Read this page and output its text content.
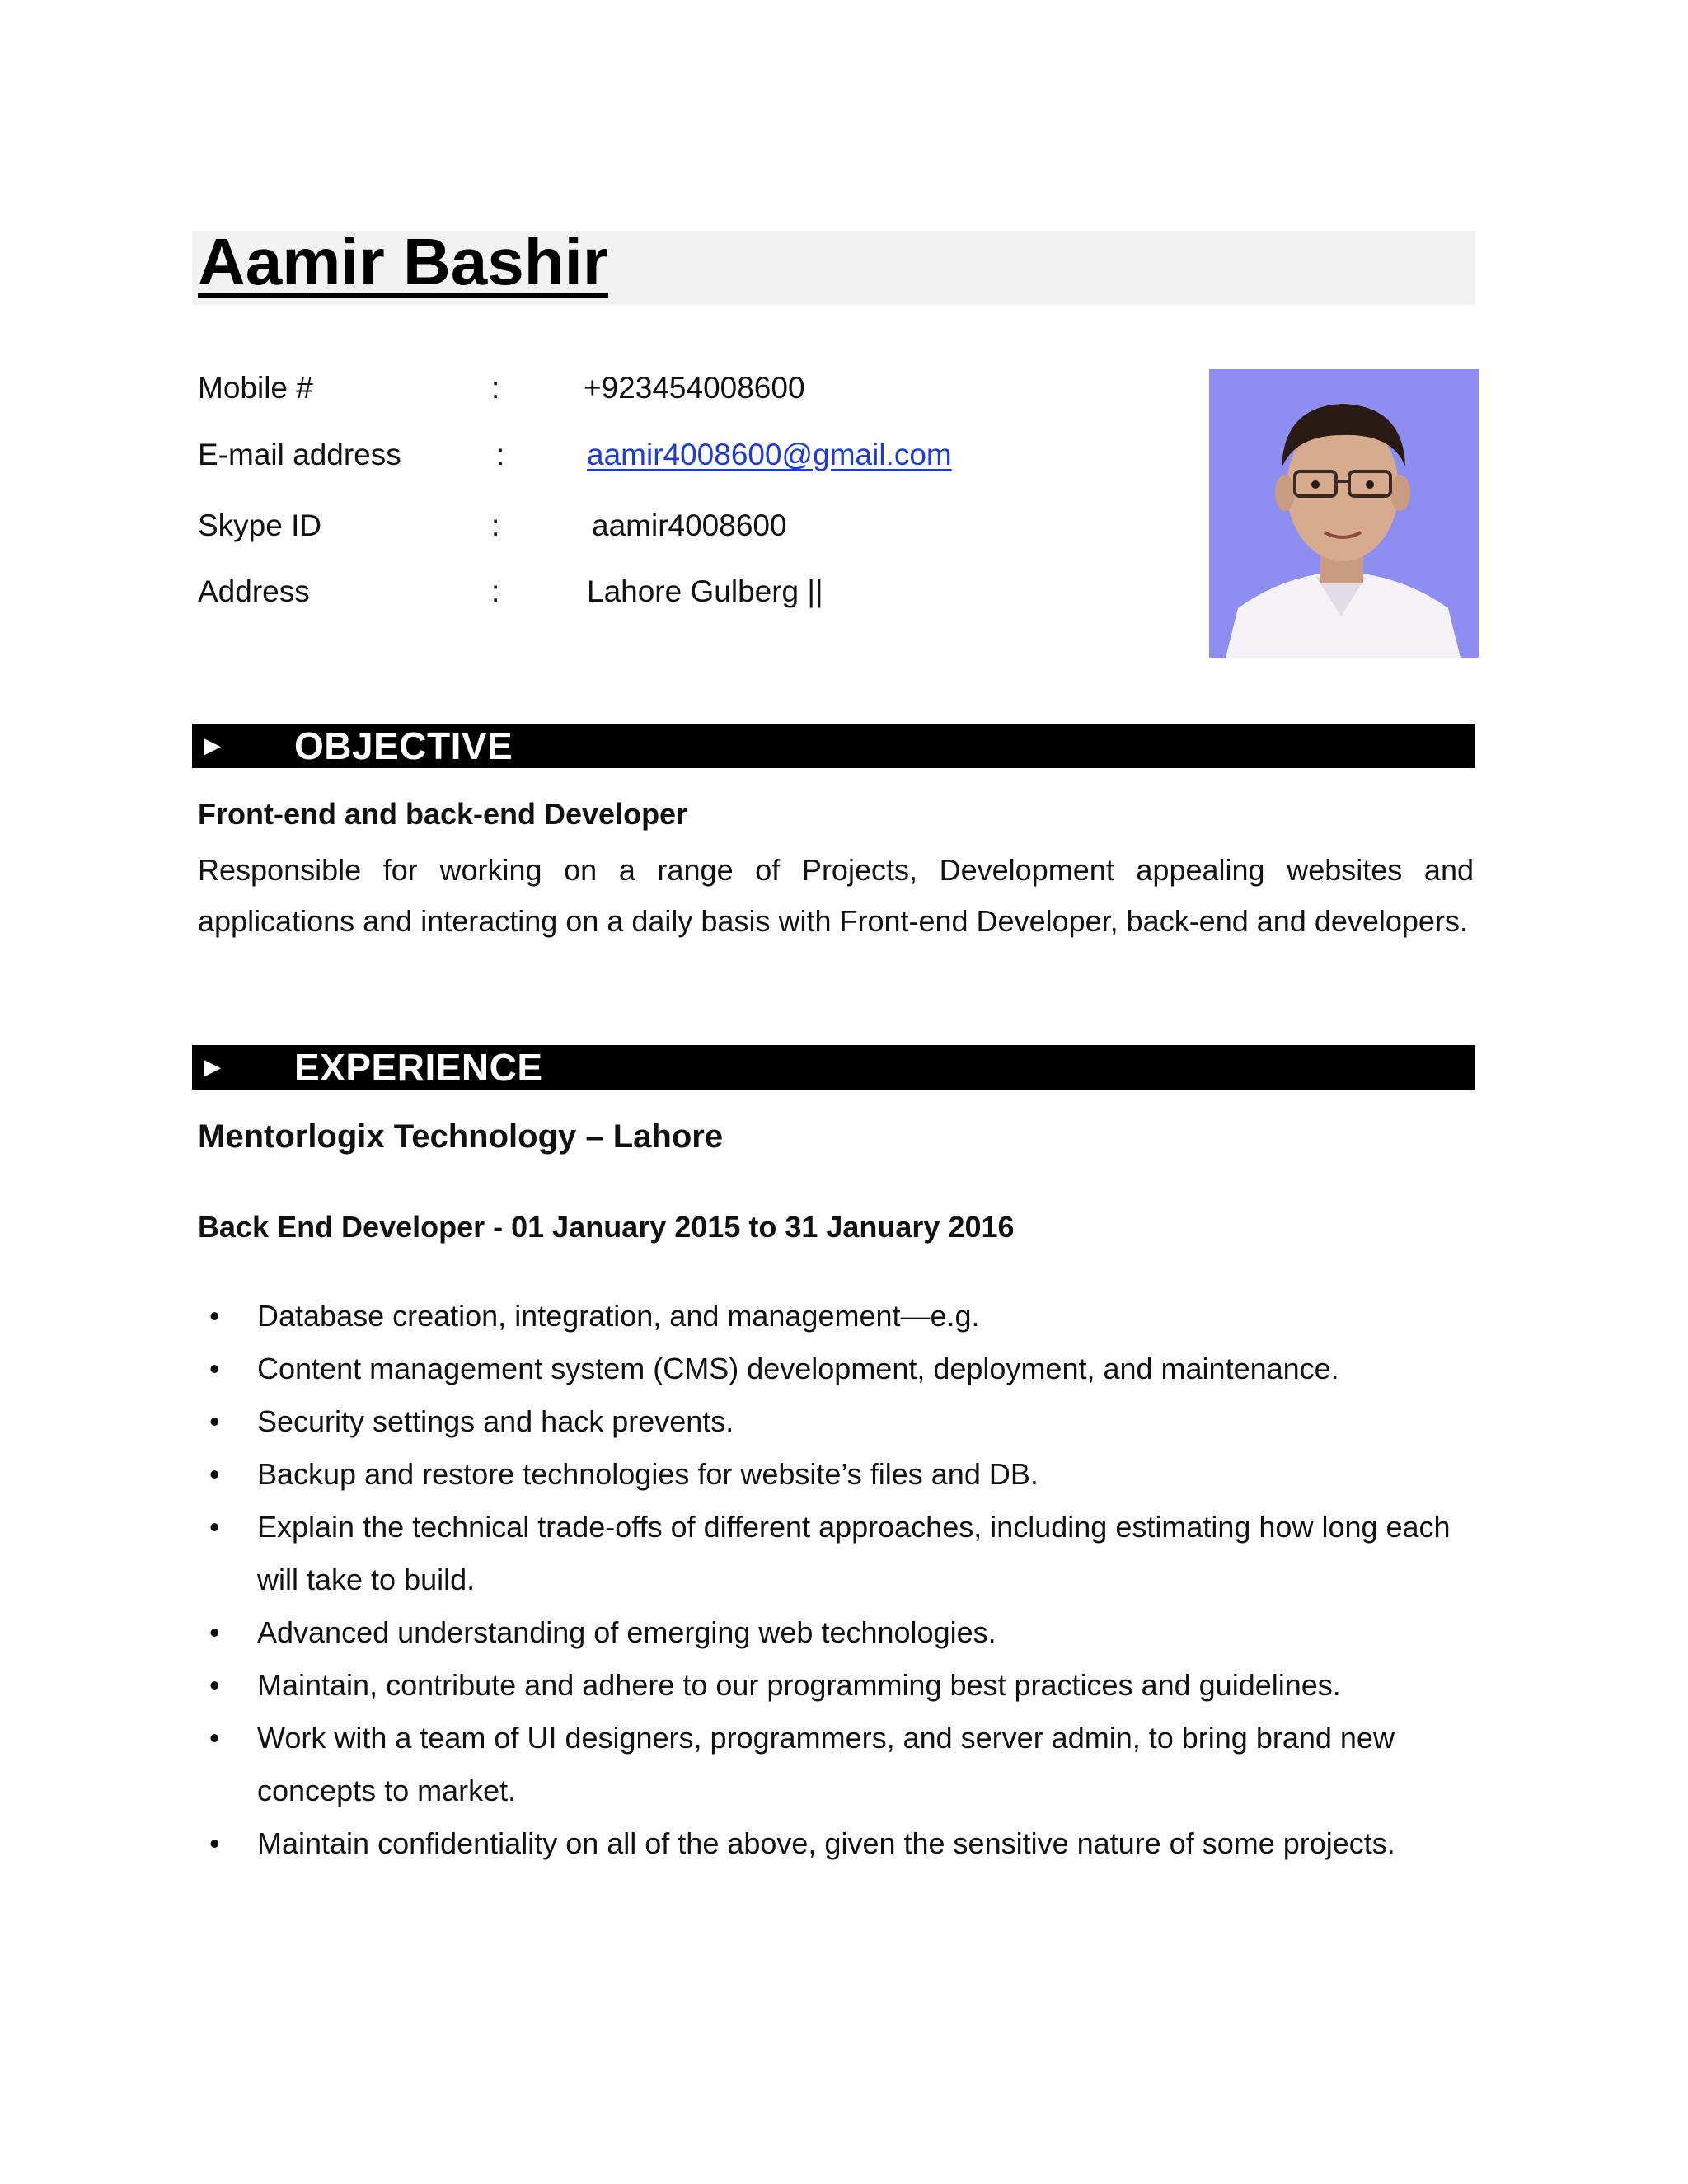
Aamir Bashir
Mobile #	:	+923454008600
E-mail address	:	aamir4008600@gmail.com
Skype ID	:	aamir4008600
Address	:	Lahore Gulberg ||
► OBJECTIVE
Front-end and back-end Developer
Responsible for working on a range of Projects, Development appealing websites and applications and interacting on a daily basis with Front-end Developer, back-end and developers.
► EXPERIENCE
Mentorlogix Technology – Lahore
Back End Developer - 01 January 2015 to 31 January 2016
• Database creation, integration, and management—e.g.
• Content management system (CMS) development, deployment, and maintenance.
• Security settings and hack prevents.
• Backup and restore technologies for website’s files and DB.
• Explain the technical trade-offs of different approaches, including estimating how long each will take to build.
• Advanced understanding of emerging web technologies.
• Maintain, contribute and adhere to our programming best practices and guidelines.
• Work with a team of UI designers, programmers, and server admin, to bring brand new concepts to market.
• Maintain confidentiality on all of the above, given the sensitive nature of some projects.
